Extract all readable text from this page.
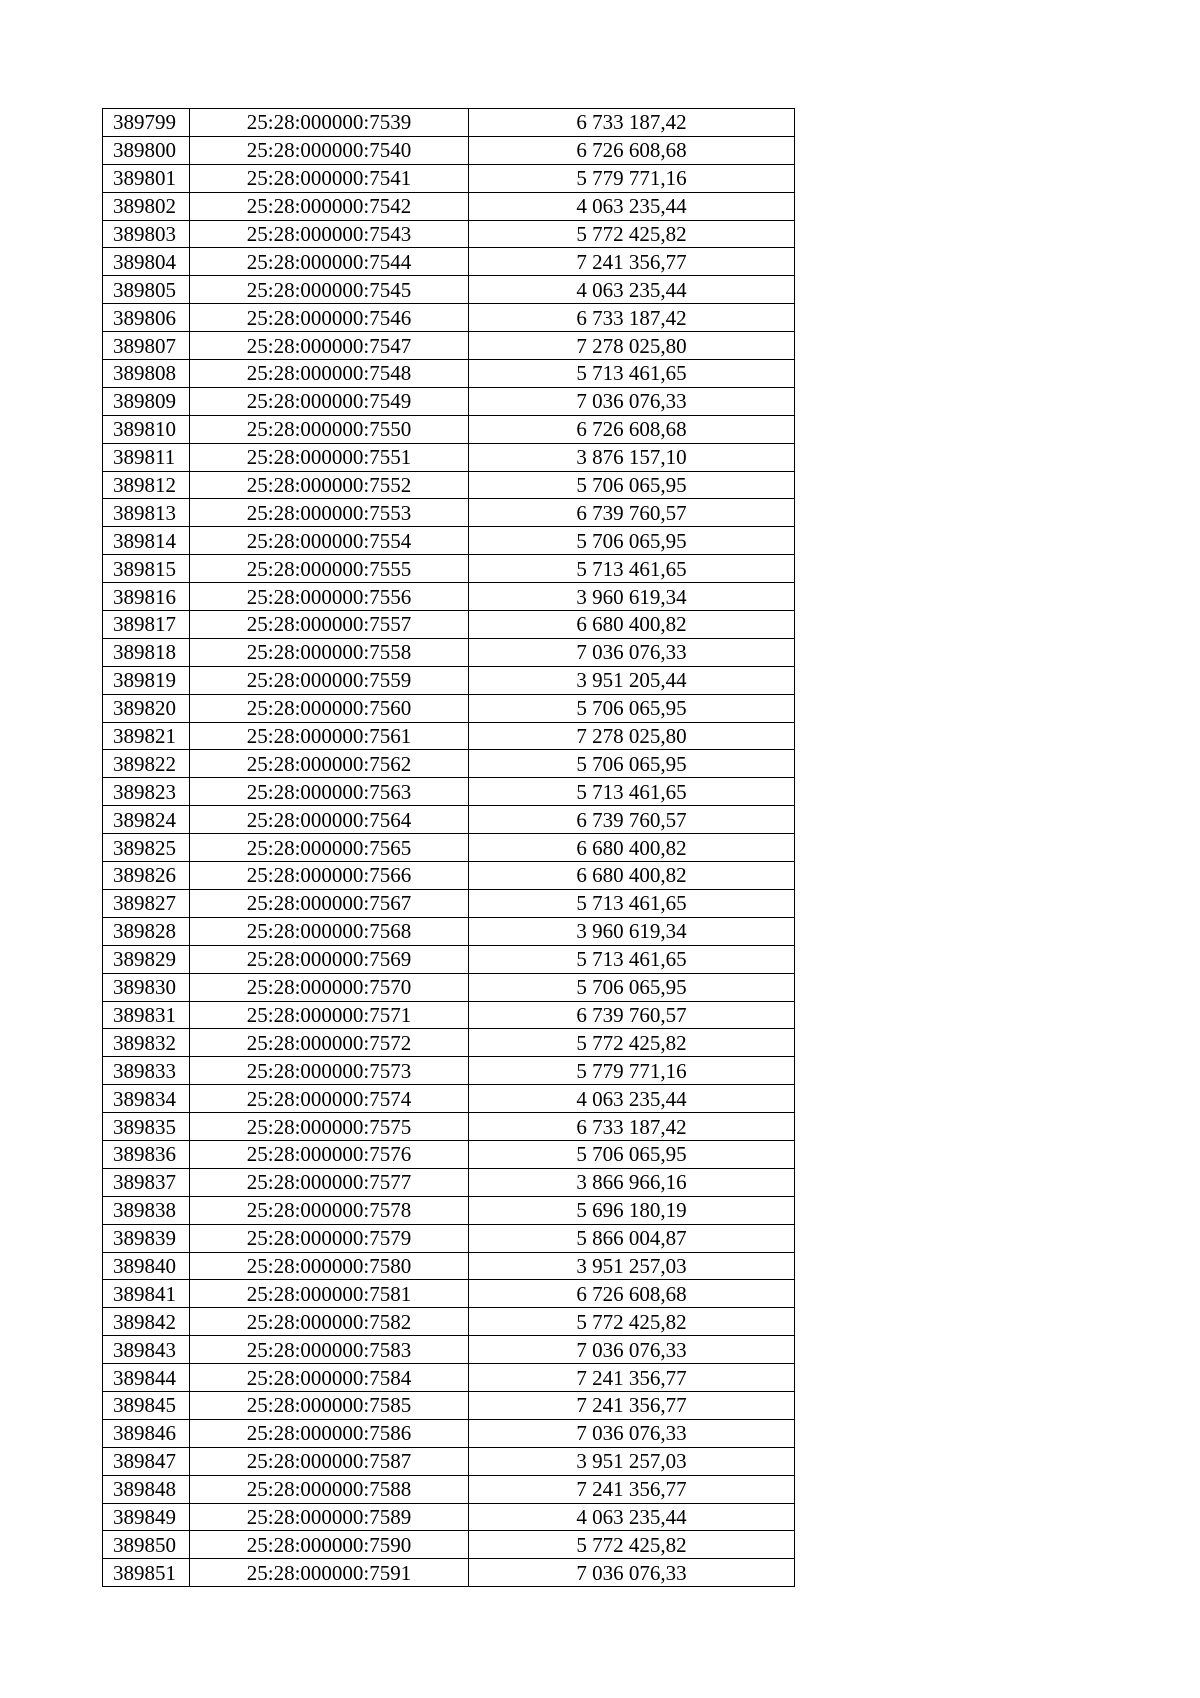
389799	25:28:000000:7539	6 733 187,42
389800	25:28:000000:7540	6 726 608,68
389801	25:28:000000:7541	5 779 771,16
389802	25:28:000000:7542	4 063 235,44
389803	25:28:000000:7543	5 772 425,82
389804	25:28:000000:7544	7 241 356,77
389805	25:28:000000:7545	4 063 235,44
389806	25:28:000000:7546	6 733 187,42
389807	25:28:000000:7547	7 278 025,80
389808	25:28:000000:7548	5 713 461,65
389809	25:28:000000:7549	7 036 076,33
389810	25:28:000000:7550	6 726 608,68
389811	25:28:000000:7551	3 876 157,10
389812	25:28:000000:7552	5 706 065,95
389813	25:28:000000:7553	6 739 760,57
389814	25:28:000000:7554	5 706 065,95
389815	25:28:000000:7555	5 713 461,65
389816	25:28:000000:7556	3 960 619,34
389817	25:28:000000:7557	6 680 400,82
389818	25:28:000000:7558	7 036 076,33
389819	25:28:000000:7559	3 951 205,44
389820	25:28:000000:7560	5 706 065,95
389821	25:28:000000:7561	7 278 025,80
389822	25:28:000000:7562	5 706 065,95
389823	25:28:000000:7563	5 713 461,65
389824	25:28:000000:7564	6 739 760,57
389825	25:28:000000:7565	6 680 400,82
389826	25:28:000000:7566	6 680 400,82
389827	25:28:000000:7567	5 713 461,65
389828	25:28:000000:7568	3 960 619,34
389829	25:28:000000:7569	5 713 461,65
389830	25:28:000000:7570	5 706 065,95
389831	25:28:000000:7571	6 739 760,57
389832	25:28:000000:7572	5 772 425,82
389833	25:28:000000:7573	5 779 771,16
389834	25:28:000000:7574	4 063 235,44
389835	25:28:000000:7575	6 733 187,42
389836	25:28:000000:7576	5 706 065,95
389837	25:28:000000:7577	3 866 966,16
389838	25:28:000000:7578	5 696 180,19
389839	25:28:000000:7579	5 866 004,87
389840	25:28:000000:7580	3 951 257,03
389841	25:28:000000:7581	6 726 608,68
389842	25:28:000000:7582	5 772 425,82
389843	25:28:000000:7583	7 036 076,33
389844	25:28:000000:7584	7 241 356,77
389845	25:28:000000:7585	7 241 356,77
389846	25:28:000000:7586	7 036 076,33
389847	25:28:000000:7587	3 951 257,03
389848	25:28:000000:7588	7 241 356,77
389849	25:28:000000:7589	4 063 235,44
389850	25:28:000000:7590	5 772 425,82
389851	25:28:000000:7591	7 036 076,33
